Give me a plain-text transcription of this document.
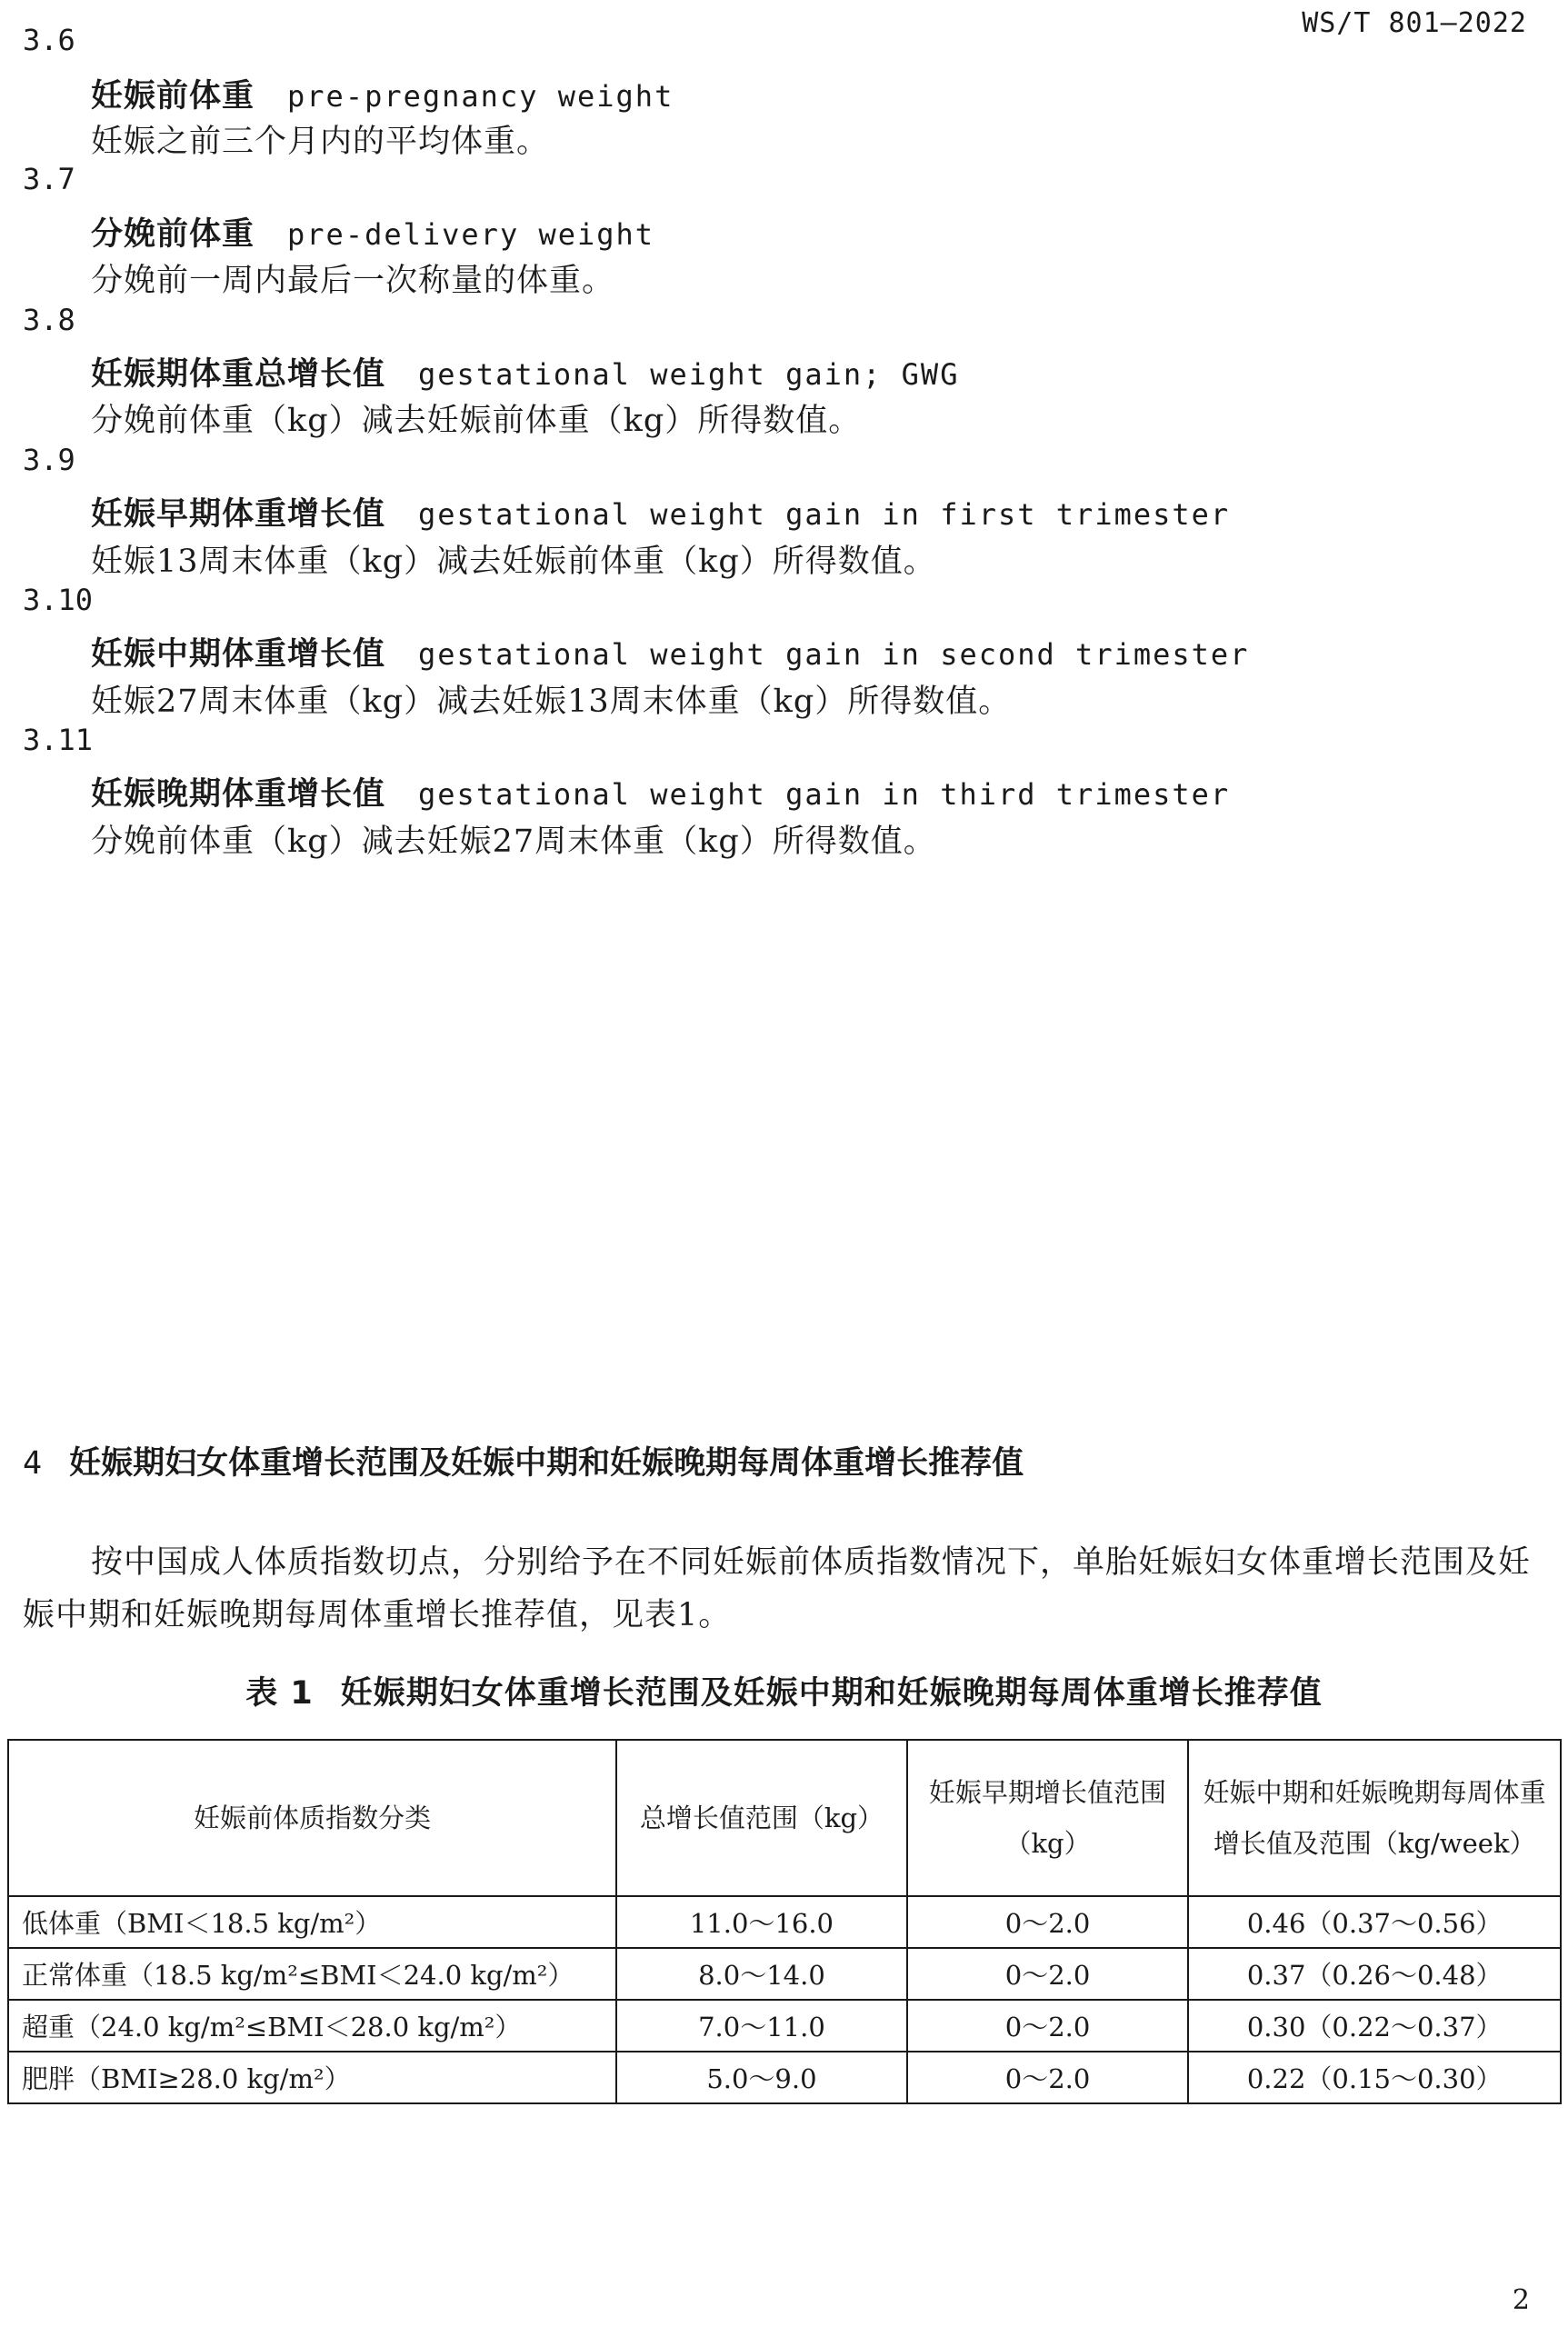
WS/T 801—2022
3.6
妊娠前体重 pre-pregnancy weight
妊娠之前三个月内的平均体重。
3.7
分娩前体重 pre-delivery weight
分娩前一周内最后一次称量的体重。
3.8
妊娠期体重总增长值 gestational weight gain; GWG
分娩前体重（kg）减去妊娠前体重（kg）所得数值。
3.9
妊娠早期体重增长值 gestational weight gain in first trimester
妊娠13周末体重（kg）减去妊娠前体重（kg）所得数值。
3.10
妊娠中期体重增长值 gestational weight gain in second trimester
妊娠27周末体重（kg）减去妊娠13周末体重（kg）所得数值。
3.11
妊娠晚期体重增长值 gestational weight gain in third trimester
分娩前体重（kg）减去妊娠27周末体重（kg）所得数值。
4 妊娠期妇女体重增长范围及妊娠中期和妊娠晚期每周体重增长推荐值
按中国成人体质指数切点，分别给予在不同妊娠前体质指数情况下，单胎妊娠妇女体重增长范围及妊娠中期和妊娠晚期每周体重增长推荐值，见表1。
表 1 妊娠期妇女体重增长范围及妊娠中期和妊娠晚期每周体重增长推荐值
妊娠前体质指数分类	总增长值范围（kg）	妊娠早期增长值范围（kg）	妊娠中期和妊娠晚期每周体重增长值及范围（kg/week）
低体重（BMI＜18.5 kg/m²）	11.0～16.0	0～2.0	0.46（0.37～0.56）
正常体重（18.5 kg/m²≤BMI＜24.0 kg/m²）	8.0～14.0	0～2.0	0.37（0.26～0.48）
超重（24.0 kg/m²≤BMI＜28.0 kg/m²）	7.0～11.0	0～2.0	0.30（0.22～0.37）
肥胖（BMI≥28.0 kg/m²）	5.0～9.0	0～2.0	0.22（0.15～0.30）
2
